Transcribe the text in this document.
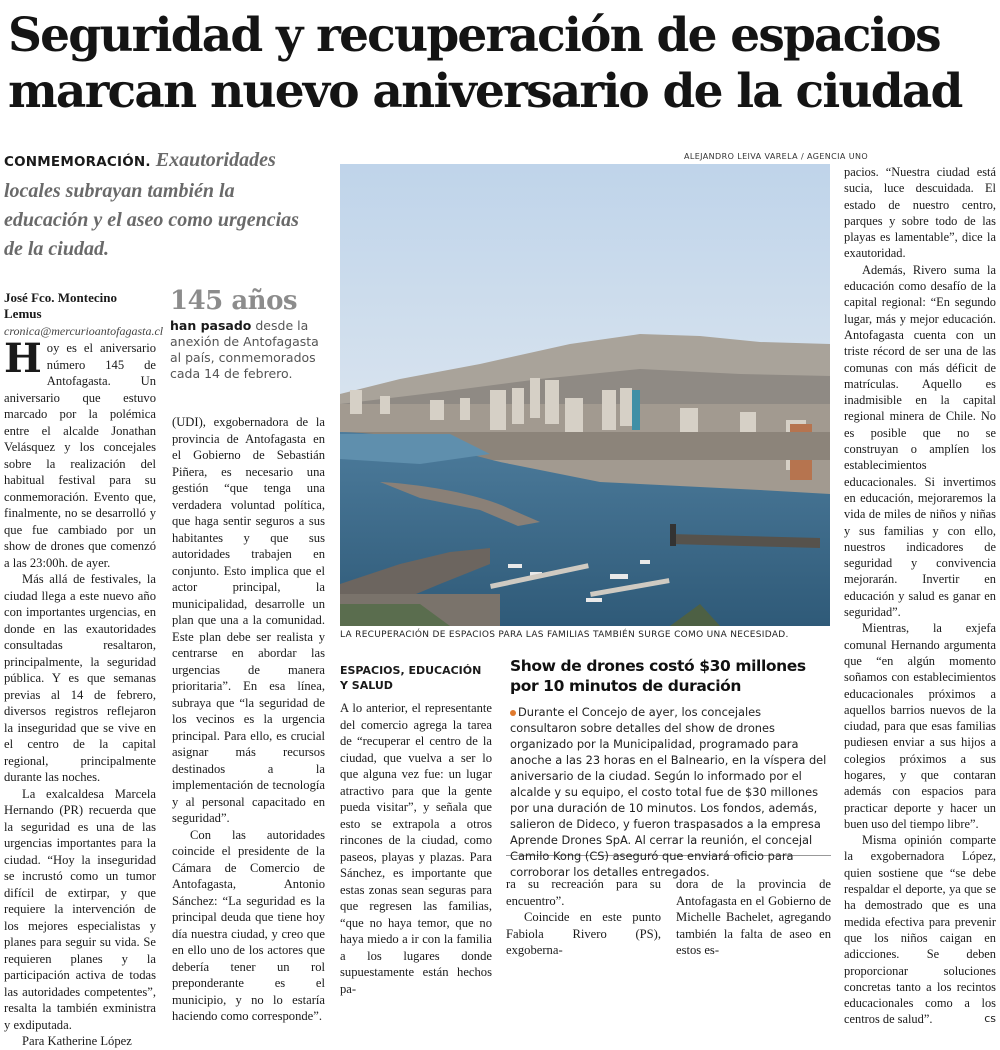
Seguridad y recuperación de espacios
marcan nuevo aniversario de la ciudad
CONMEMORACIÓN. Exautoridades locales subrayan también la educación y el aseo como urgencias de la ciudad.
José Fco. Montecino Lemus
cronica@mercurioantofagasta.cl
145 años
han pasado desde la anexión de Antofagasta al país, conmemorados cada 14 de febrero.

Hoy es el aniversario número 145 de Antofagasta. Un aniversario que estuvo marcado por la polémica entre el alcalde Jonathan Velásquez y los concejales sobre la realización del habitual festival para su conmemoración. Evento que, finalmente, no se desarrolló y que fue cambiado por un show de drones que comenzó a las 23:00h. de ayer.

Más allá de festivales, la ciudad llega a este nuevo año con importantes urgencias, en donde en las exautoridades consultadas resaltaron, principalmente, la seguridad pública. Y es que semanas previas al 14 de febrero, diversos registros reflejaron la inseguridad que se vive en el centro de la capital regional, principalmente durante las noches.

La exalcaldesa Marcela Hernando (PR) recuerda que la seguridad es una de las urgencias importantes para la ciudad. “Hoy la inseguridad se incrustó como un tumor difícil de extirpar, y que requiere la intervención de los mejores especialistas y planes para seguir su vida. Se requieren planes y la participación activa de todas las autoridades competentes”, resalta la también exministra y exdiputada.

Para Katherine López

(UDI), exgobernadora de la provincia de Antofagasta en el Gobierno de Sebastián Piñera, es necesario una gestión “que tenga una verdadera voluntad política, que haga sentir seguros a sus habitantes y que sus autoridades trabajen en conjunto. Esto implica que el actor principal, la municipalidad, desarrolle un plan que una a la comunidad. Este plan debe ser realista y centrarse en abordar las urgencias de manera prioritaria”. En esa línea, subraya que “la seguridad de los vecinos es la urgencia principal. Para ello, es crucial asignar más recursos destinados a la implementación de tecnología y al personal capacitado en seguridad”.

Con las autoridades coincide el presidente de la Cámara de Comercio de Antofagasta, Antonio Sánchez: “La seguridad es la principal deuda que tiene hoy día nuestra ciudad, y creo que en ello uno de los actores que debería tener un rol preponderante es el municipio, y no lo estaría haciendo como corresponde”.

ALEJANDRO LEIVA VARELA / AGENCIA UNO
LA RECUPERACIÓN DE ESPACIOS PARA LAS FAMILIAS TAMBIÉN SURGE COMO UNA NECESIDAD.
ESPACIOS, EDUCACIÓN Y SALUD

A lo anterior, el representante del comercio agrega la tarea de “recuperar el centro de la ciudad, que vuelva a ser lo que alguna vez fue: un lugar atractivo para que la gente pueda visitar”, y señala que esto se extrapola a otros rincones de la ciudad, como paseos, playas y plazas. Para Sánchez, es importante que estas zonas sean seguras para que regresen las familias, “que no haya temor, que no haya miedo a ir con la familia a los lugares donde supuestamente están hechos pa-

Show de drones costó $30 millones por 10 minutos de duración
Durante el Concejo de ayer, los concejales consultaron sobre detalles del show de drones organizado por la Municipalidad, programado para anoche a las 23 horas en el Balneario, en la víspera del aniversario de la ciudad. Según lo informado por el alcalde y su equipo, el costo total fue de $30 millones por una duración de 10 minutos. Los fondos, además, salieron de Dideco, y fueron traspasados a la empresa Aprende Drones SpA. Al cerrar la reunión, el concejal Camilo Kong (CS) aseguró que enviará oficio para corroborar los detalles entregados.

ra su recreación para su encuentro”.

Coincide en este punto Fabiola Rivero (PS), exgoberna-

dora de la provincia de Antofagasta en el Gobierno de Michelle Bachelet, agregando también la falta de aseo en estos es-

pacios. “Nuestra ciudad está sucia, luce descuidada. El estado de nuestro centro, parques y sobre todo de las playas es lamentable”, dice la exautoridad.

Además, Rivero suma la educación como desafío de la capital regional: “En segundo lugar, más y mejor educación. Antofagasta cuenta con un triste récord de ser una de las comunas con más déficit de matrículas. Aquello es inadmisible en la capital regional minera de Chile. No es posible que no se construyan o amplíen los establecimientos educacionales. Si invertimos en educación, mejoraremos la vida de miles de niños y niñas y sus familias y con ello, nuestros indicadores de seguridad y convivencia mejorarán. Invertir en educación y salud es ganar en seguridad”.

Mientras, la exjefa comunal Hernando argumenta que “en algún momento soñamos con establecimientos educacionales próximos a aquellos barrios nuevos de la ciudad, para que esas familias pudiesen enviar a sus hijos a colegios próximos a sus hogares, y que contaran además con espacios para practicar deporte y hacer un buen uso del tiempo libre”.

Misma opinión comparte la exgobernadora López, quien sostiene que “se debe respaldar el deporte, ya que se ha demostrado que es una medida efectiva para prevenir que los niños caigan en adicciones. Se deben proporcionar soluciones concretas tanto a los recintos educacionales como a los centros de salud”.	cs
